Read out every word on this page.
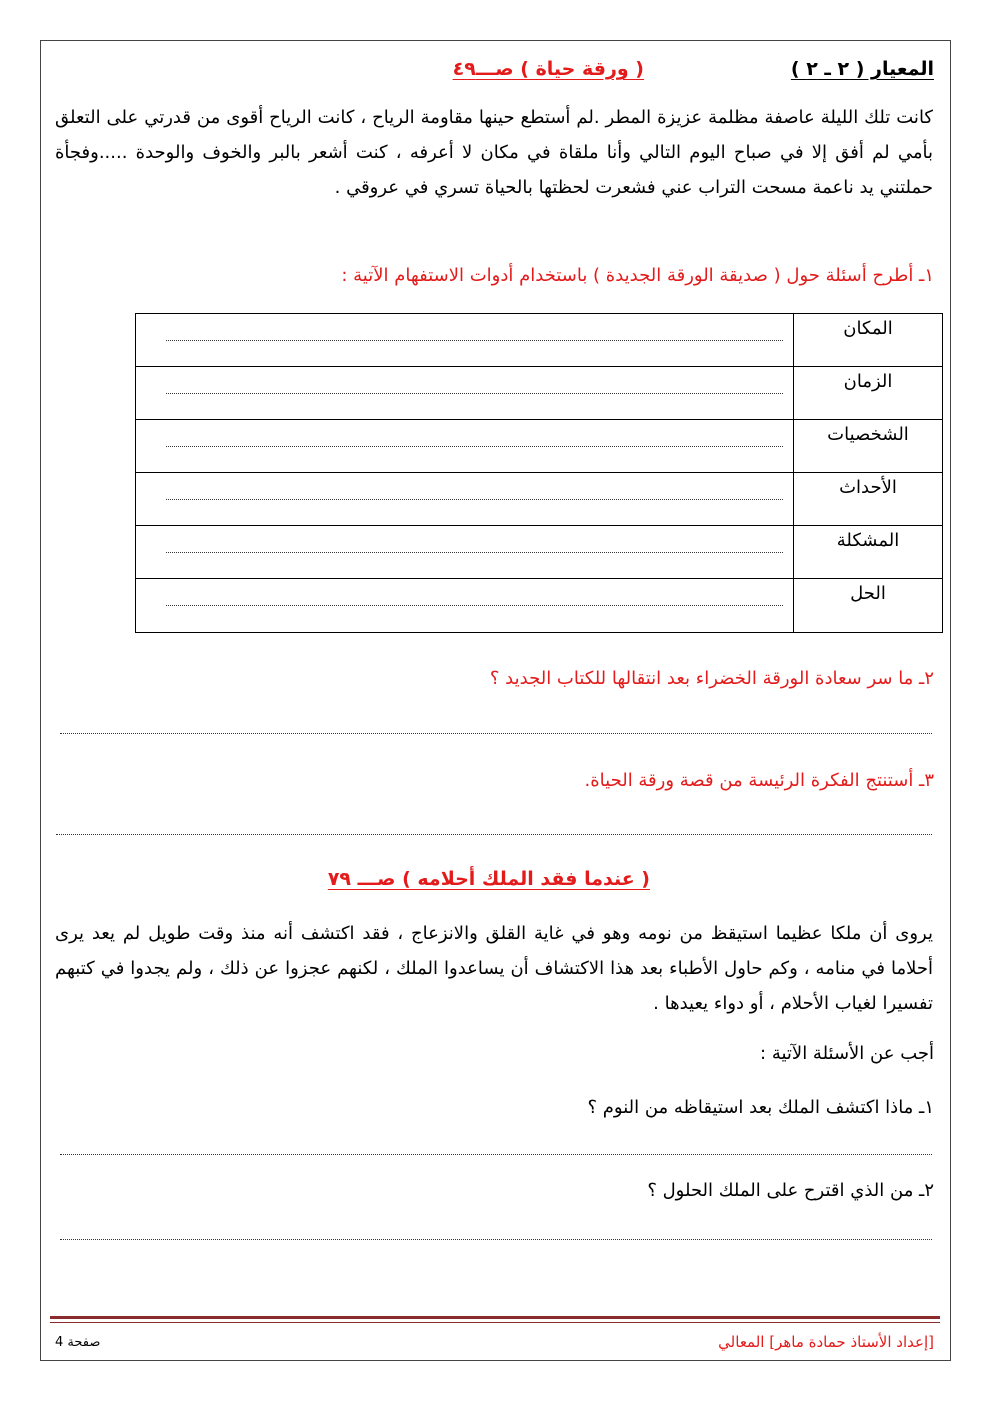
المعيار ( ٢ ـ ٢ )
( ورقة حياة ) صـــ٤٩
كانت تلك الليلة عاصفة مظلمة عزيزة المطر .لم أستطع حينها مقاومة الرياح ، كانت الرياح أقوى من قدرتي على التعلق بأمي لم أفق إلا في صباح اليوم التالي وأنا ملقاة في مكان لا أعرفه ، كنت أشعر بالبر والخوف والوحدة .....وفجأة حملتني يد ناعمة مسحت التراب عني فشعرت لحظتها بالحياة تسري في عروقي .
١ـ أطرح أسئلة حول ( صديقة الورقة الجديدة ) باستخدام أدوات الاستفهام الآتية :
المكان	

الزمان	

الشخصيات	

الأحداث	

المشكلة	

الحل	
٢ـ ما سر سعادة الورقة الخضراء بعد انتقالها للكتاب الجديد ؟
٣ـ أستنتج الفكرة الرئيسة من قصة ورقة الحياة.
( عندما فقد الملك أحلامه ) صـــ ٧٩
يروى أن ملكا عظيما استيقظ من نومه وهو في غاية القلق والانزعاج ، فقد اكتشف أنه منذ وقت طويل لم يعد يرى أحلاما في منامه ، وكم حاول الأطباء بعد هذا الاكتشاف أن يساعدوا الملك ، لكنهم عجزوا عن ذلك ، ولم يجدوا في كتبهم تفسيرا لغياب الأحلام ، أو دواء يعيدها .
أجب عن الأسئلة الآتية :
١ـ ماذا اكتشف الملك بعد استيقاظه من النوم ؟
٢ـ من الذي اقترح على الملك الحلول ؟
[إعداد الأستاذ حمادة ماهر] المعالي
صفحة 4
